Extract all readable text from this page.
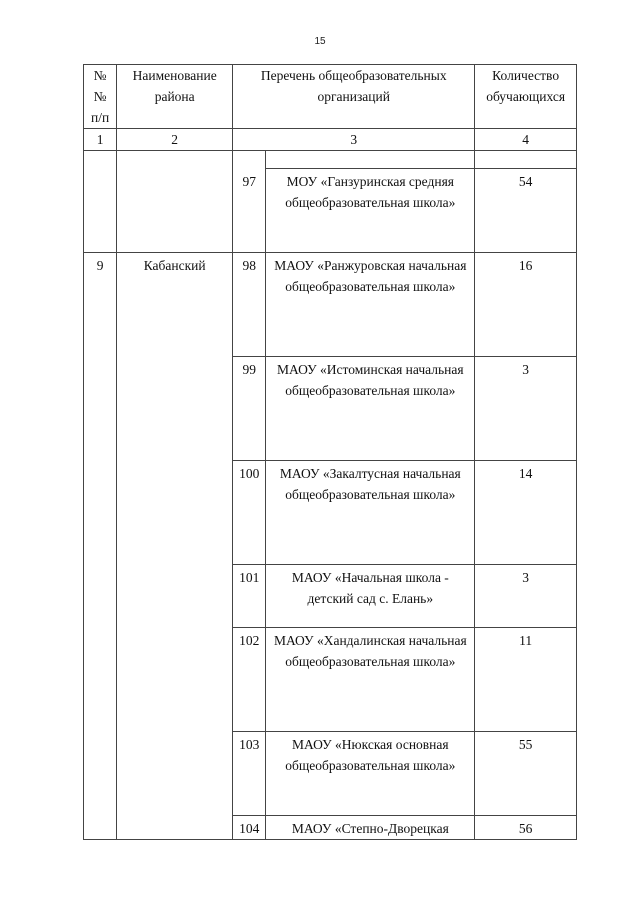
15
№№ п/п	Наименование района	Перечень общеобразовательных организаций		Количество обучающихся
1	2	3		4

		97	МОУ «Ганзуринская средняя общеобразовательная школа»	54
9	Кабанский	98	МАОУ «Ранжуровская начальная общеобразовательная школа»	16
		99	МАОУ «Истоминская начальная общеобразовательная школа»	3
		100	МАОУ «Закалтусная начальная общеобразовательная школа»	14
		101	МАОУ «Начальная школа - детский сад с. Елань»	3
		102	МАОУ «Хандалинская начальная общеобразовательная школа»	11
		103	МАОУ «Нюкская основная общеобразовательная школа»	55
		104	МАОУ «Степно-Дворецкая	56
